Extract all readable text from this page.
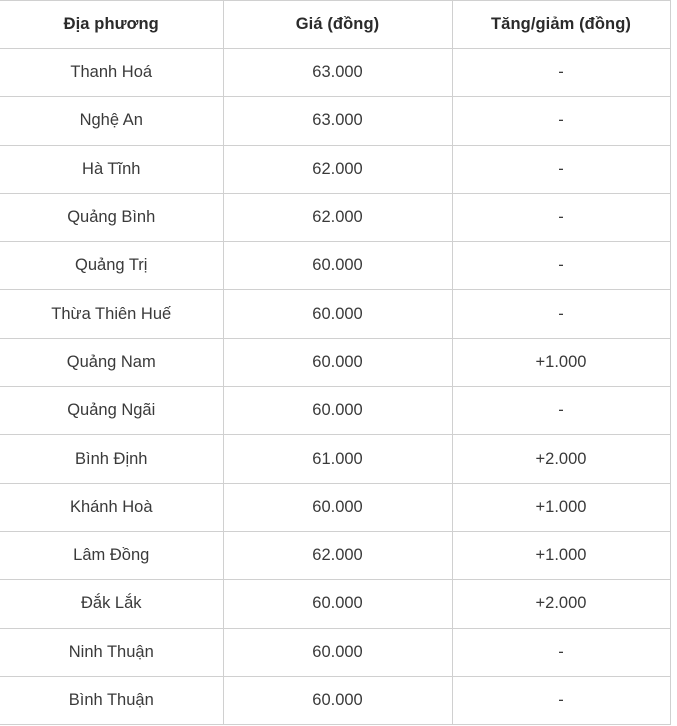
Địa phương	Giá (đồng)	Tăng/giảm (đồng)	
Thanh Hoá	63.000	-	
Nghệ An	63.000	-	
Hà Tĩnh	62.000	-	
Quảng Bình	62.000	-	
Quảng Trị	60.000	-	
Thừa Thiên Huế	60.000	-	
Quảng Nam	60.000	+1.000	
Quảng Ngãi	60.000	-	
Bình Định	61.000	+2.000	
Khánh Hoà	60.000	+1.000	
Lâm Đồng	62.000	+1.000	
Đắk Lắk	60.000	+2.000	
Ninh Thuận	60.000	-	
Bình Thuận	60.000	-	
